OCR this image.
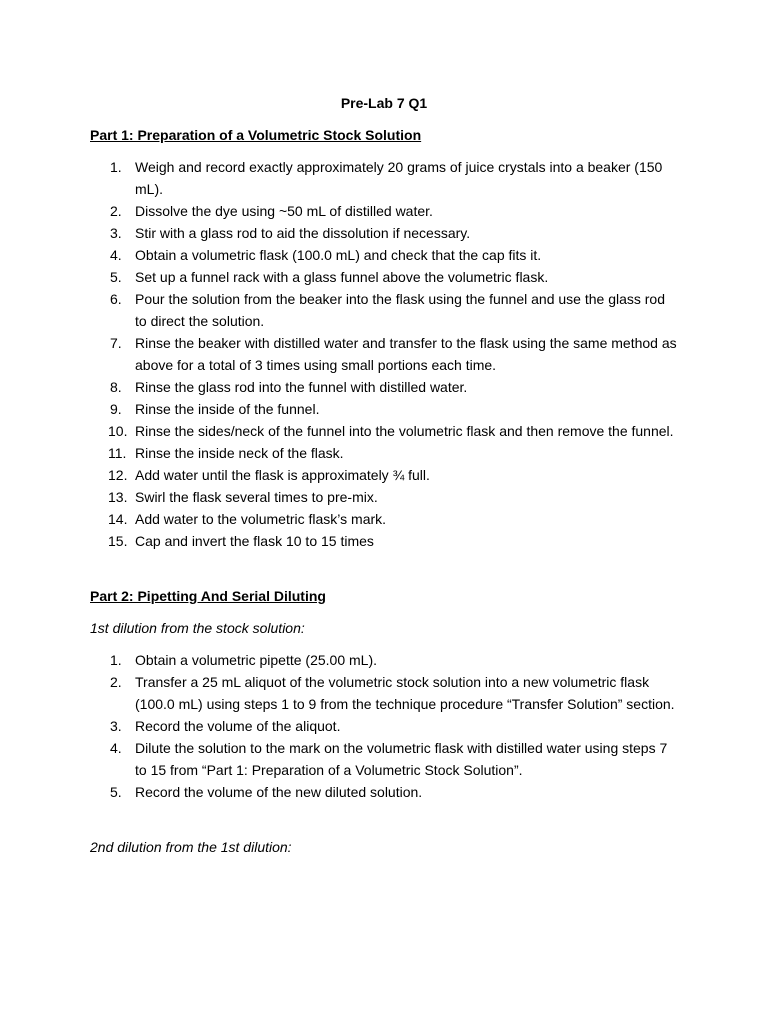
Pre-Lab 7 Q1
Part 1: Preparation of a Volumetric Stock Solution
1. Weigh and record exactly approximately 20 grams of juice crystals into a beaker (150 mL).
2. Dissolve the dye using ~50 mL of distilled water.
3. Stir with a glass rod to aid the dissolution if necessary.
4. Obtain a volumetric flask (100.0 mL) and check that the cap fits it.
5. Set up a funnel rack with a glass funnel above the volumetric flask.
6. Pour the solution from the beaker into the flask using the funnel and use the glass rod to direct the solution.
7. Rinse the beaker with distilled water and transfer to the flask using the same method as above for a total of 3 times using small portions each time.
8. Rinse the glass rod into the funnel with distilled water.
9. Rinse the inside of the funnel.
10. Rinse the sides/neck of the funnel into the volumetric flask and then remove the funnel.
11. Rinse the inside neck of the flask.
12. Add water until the flask is approximately ¾ full.
13. Swirl the flask several times to pre-mix.
14. Add water to the volumetric flask’s mark.
15. Cap and invert the flask 10 to 15 times
Part 2: Pipetting And Serial Diluting
1st dilution from the stock solution:
1. Obtain a volumetric pipette (25.00 mL).
2. Transfer a 25 mL aliquot of the volumetric stock solution into a new volumetric flask (100.0 mL) using steps 1 to 9 from the technique procedure “Transfer Solution” section.
3. Record the volume of the aliquot.
4. Dilute the solution to the mark on the volumetric flask with distilled water using steps 7 to 15 from “Part 1: Preparation of a Volumetric Stock Solution”.
5. Record the volume of the new diluted solution.
2nd dilution from the 1st dilution:
